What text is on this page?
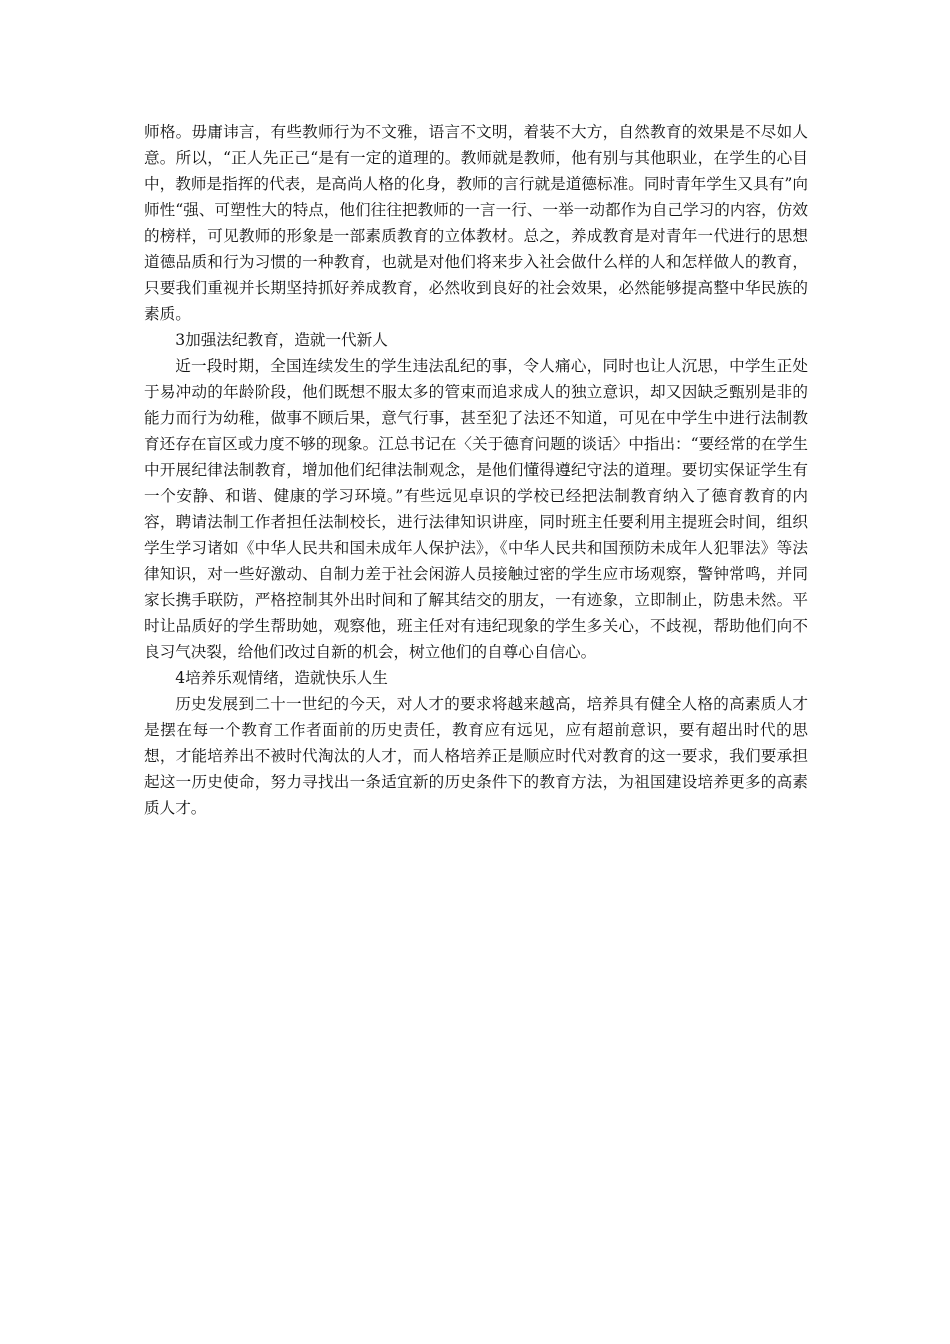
师格。毋庸讳言，有些教师行为不文雅，语言不文明，着装不大方，自然教育的效果是不尽如人意。所以，“正人先正己“是有一定的道理的。教师就是教师，他有别与其他职业，在学生的心目中，教师是指挥的代表，是高尚人格的化身，教师的言行就是道德标准。同时青年学生又具有”向师性“强、可塑性大的特点，他们往往把教师的一言一行、一举一动都作为自己学习的内容，仿效的榜样，可见教师的形象是一部素质教育的立体教材。总之，养成教育是对青年一代进行的思想道德品质和行为习惯的一种教育，也就是对他们将来步入社会做什么样的人和怎样做人的教育，只要我们重视并长期坚持抓好养成教育，必然收到良好的社会效果，必然能够提高整中华民族的素质。

3加强法纪教育，造就一代新人

近一段时期，全国连续发生的学生违法乱纪的事，令人痛心，同时也让人沉思，中学生正处于易冲动的年龄阶段，他们既想不服太多的管束而追求成人的独立意识，却又因缺乏甄别是非的能力而行为幼稚，做事不顾后果，意气行事，甚至犯了法还不知道，可见在中学生中进行法制教育还存在盲区或力度不够的现象。江总书记在〈关于德育问题的谈话〉中指出：“要经常的在学生中开展纪律法制教育，增加他们纪律法制观念，是他们懂得遵纪守法的道理。要切实保证学生有一个安静、和谐、健康的学习环境。”有些远见卓识的学校已经把法制教育纳入了德育教育的内容，聘请法制工作者担任法制校长，进行法律知识讲座，同时班主任要利用主提班会时间，组织学生学习诸如《中华人民共和国未成年人保护法》，《中华人民共和国预防未成年人犯罪法》等法律知识，对一些好激动、自制力差于社会闲游人员接触过密的学生应市场观察，警钟常鸣，并同家长携手联防，严格控制其外出时间和了解其结交的朋友，一有迹象，立即制止，防患未然。平时让品质好的学生帮助她，观察他，班主任对有违纪现象的学生多关心，不歧视，帮助他们向不良习气决裂，给他们改过自新的机会，树立他们的自尊心自信心。

4培养乐观情绪，造就快乐人生

历史发展到二十一世纪的今天，对人才的要求将越来越高，培养具有健全人格的高素质人才是摆在每一个教育工作者面前的历史责任，教育应有远见，应有超前意识，要有超出时代的思想，才能培养出不被时代淘汰的人才，而人格培养正是顺应时代对教育的这一要求，我们要承担起这一历史使命，努力寻找出一条适宜新的历史条件下的教育方法，为祖国建设培养更多的高素质人才。
